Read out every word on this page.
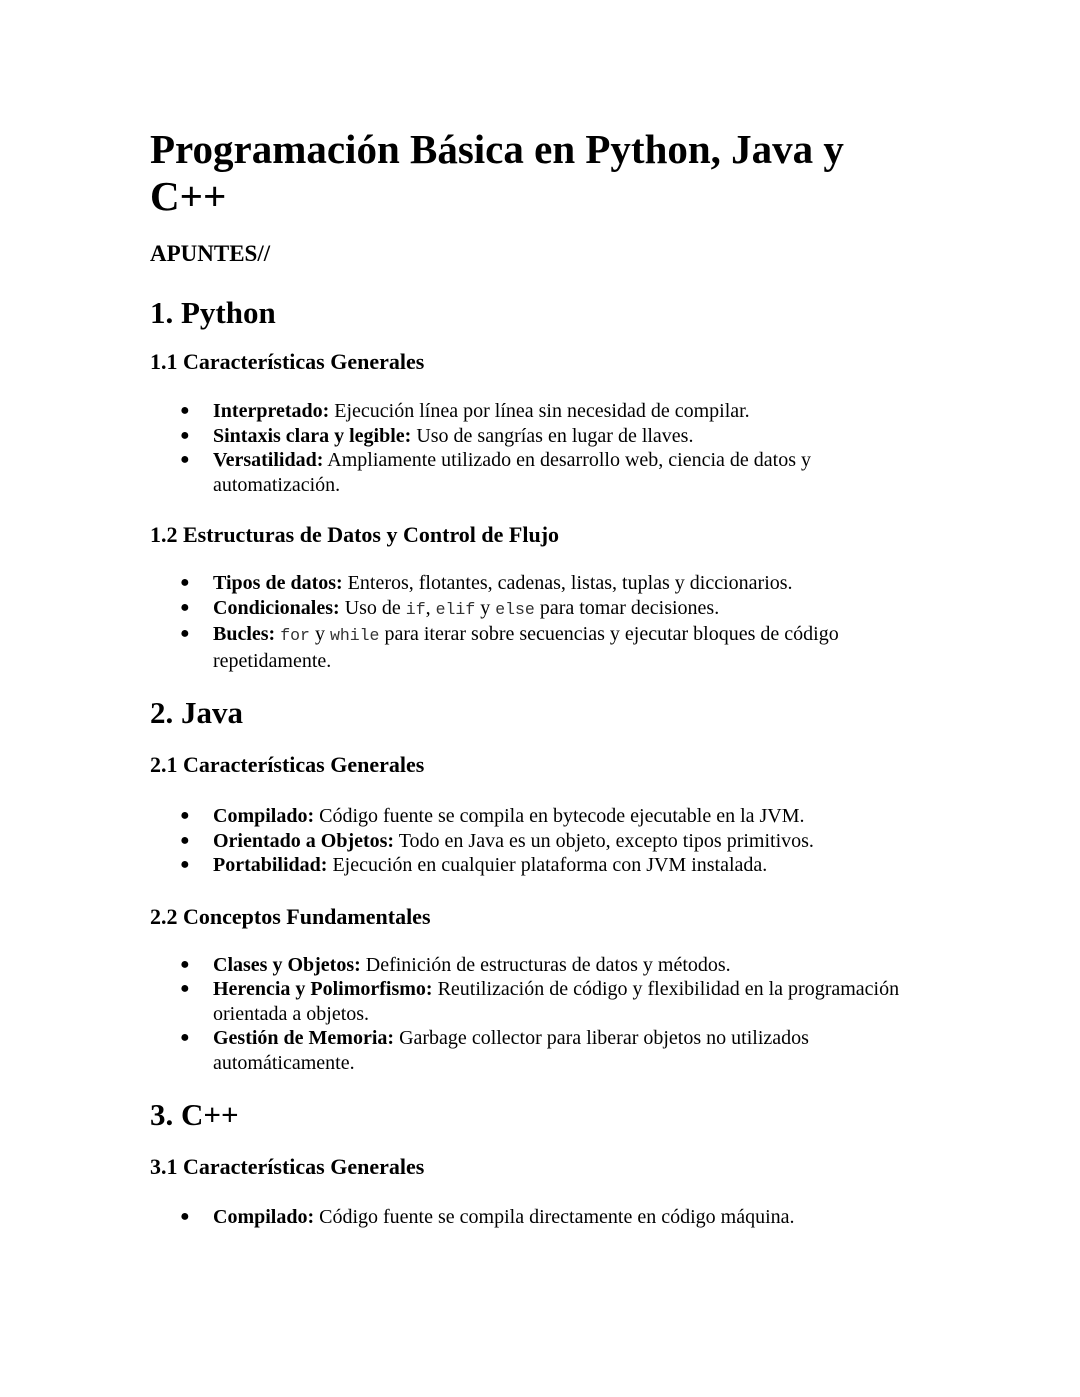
Programación Básica en Python, Java y C++

APUNTES//

1. Python
1.1 Características Generales
● Interpretado: Ejecución línea por línea sin necesidad de compilar.
● Sintaxis clara y legible: Uso de sangrías en lugar de llaves.
● Versatilidad: Ampliamente utilizado en desarrollo web, ciencia de datos y automatización.
1.2 Estructuras de Datos y Control de Flujo
● Tipos de datos: Enteros, flotantes, cadenas, listas, tuplas y diccionarios.
● Condicionales: Uso de if, elif y else para tomar decisiones.
● Bucles: for y while para iterar sobre secuencias y ejecutar bloques de código repetidamente.
2. Java
2.1 Características Generales
● Compilado: Código fuente se compila en bytecode ejecutable en la JVM.
● Orientado a Objetos: Todo en Java es un objeto, excepto tipos primitivos.
● Portabilidad: Ejecución en cualquier plataforma con JVM instalada.
2.2 Conceptos Fundamentales
● Clases y Objetos: Definición de estructuras de datos y métodos.
● Herencia y Polimorfismo: Reutilización de código y flexibilidad en la programación orientada a objetos.
● Gestión de Memoria: Garbage collector para liberar objetos no utilizados automáticamente.
3. C++
3.1 Características Generales
● Compilado: Código fuente se compila directamente en código máquina.
